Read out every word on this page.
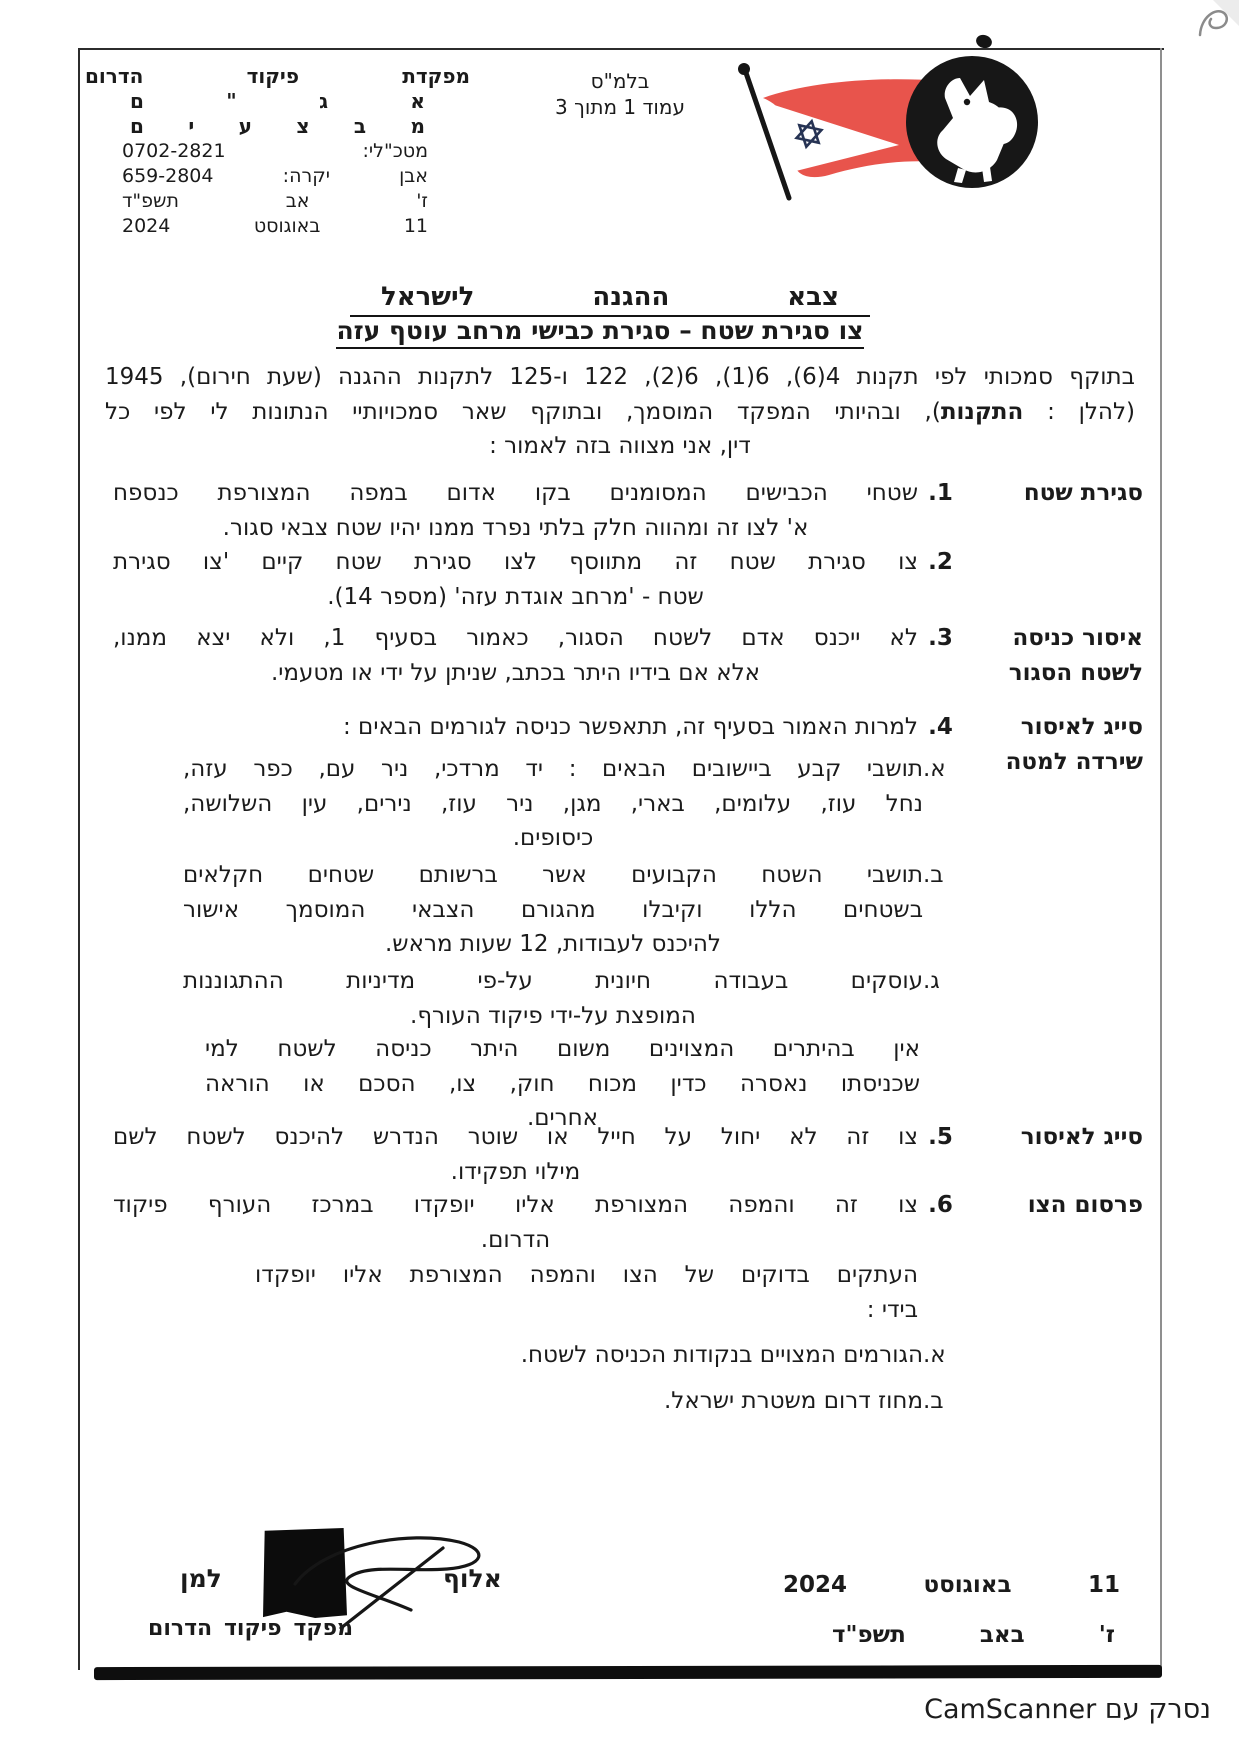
מפקדת פיקוד הדרום
א ג " ם
מ ב צ ע י ם
מטכ"לי: 0702-2821
אבן יקרה: 659-2804
ז' אב תשפ"ד
11 באוגוסט 2024
בלמ"ס
עמוד 1 מתוך 3
צבא ההגנה לישראל
צו סגירת שטח – סגירת כבישי מרחב עוטף עזה
בתוקף סמכותי לפי תקנות 4(6), 6(1), 6(2), 122 ו-125 לתקנות ההגנה (שעת חירום), 1945
(להלן : התקנות), ובהיותי המפקד המוסמך, ובתוקף שאר סמכויותיי הנתונות לי לפי כל
דין, אני מצווה בזה לאמור :
סגירת שטח
1.
שטחי הכבישים המסומנים בקו אדום במפה המצורפת כנספח
א' לצו זה ומהווה חלק בלתי נפרד ממנו יהיו שטח צבאי סגור.
2.
צו סגירת שטח זה מתווסף לצו סגירת שטח קיים 'צו סגירת
שטח - 'מרחב אוגדת עזה' (מספר 14).
איסור כניסה
לשטח הסגור
3.
לא ייכנס אדם לשטח הסגור, כאמור בסעיף 1, ולא יצא ממנו,
אלא אם בידיו היתר בכתב, שניתן על ידי או מטעמי.
סייג לאיסור
שירדה למטה
4.
למרות האמור בסעיף זה, תתאפשר כניסה לגורמים הבאים :
א.
תושבי קבע ביישובים הבאים : יד מרדכי, ניר עם, כפר עזה,
נחל עוז, עלומים, בארי, מגן, ניר עוז, נירים, עין השלושה,
כיסופים.
ב.
תושבי השטח הקבועים אשר ברשותם שטחים חקלאים
בשטחים הללו וקיבלו מהגורם הצבאי המוסמך אישור
להיכנס לעבודות, 12 שעות מראש.
ג.
עוסקים בעבודה חיונית על-פי מדיניות ההתגוננות
המופצת על-ידי פיקוד העורף.
אין בהיתרים המצוינים משום היתר כניסה לשטח למי
שכניסתו נאסרה כדין מכוח חוק, צו, הסכם או הוראה
אחרים.
סייג לאיסור
5.
צו זה לא יחול על חייל או שוטר הנדרש להיכנס לשטח לשם
מילוי תפקידו.
פרסום הצו
6.
צו זה והמפה המצורפת אליו יופקדו במרכז העורף פיקוד
הדרום.
העתקים בדוקים של הצו והמפה המצורפת אליו יופקדו
בידי :
א.
הגורמים המצויים בנקודות הכניסה לשטח.
ב.
מחוז דרום משטרת ישראל.
אלוף
למן
מפקד פיקוד הדרום
11 באוגוסט 2024
ז' באב תשפ"ד
נסרק עם CamScanner
